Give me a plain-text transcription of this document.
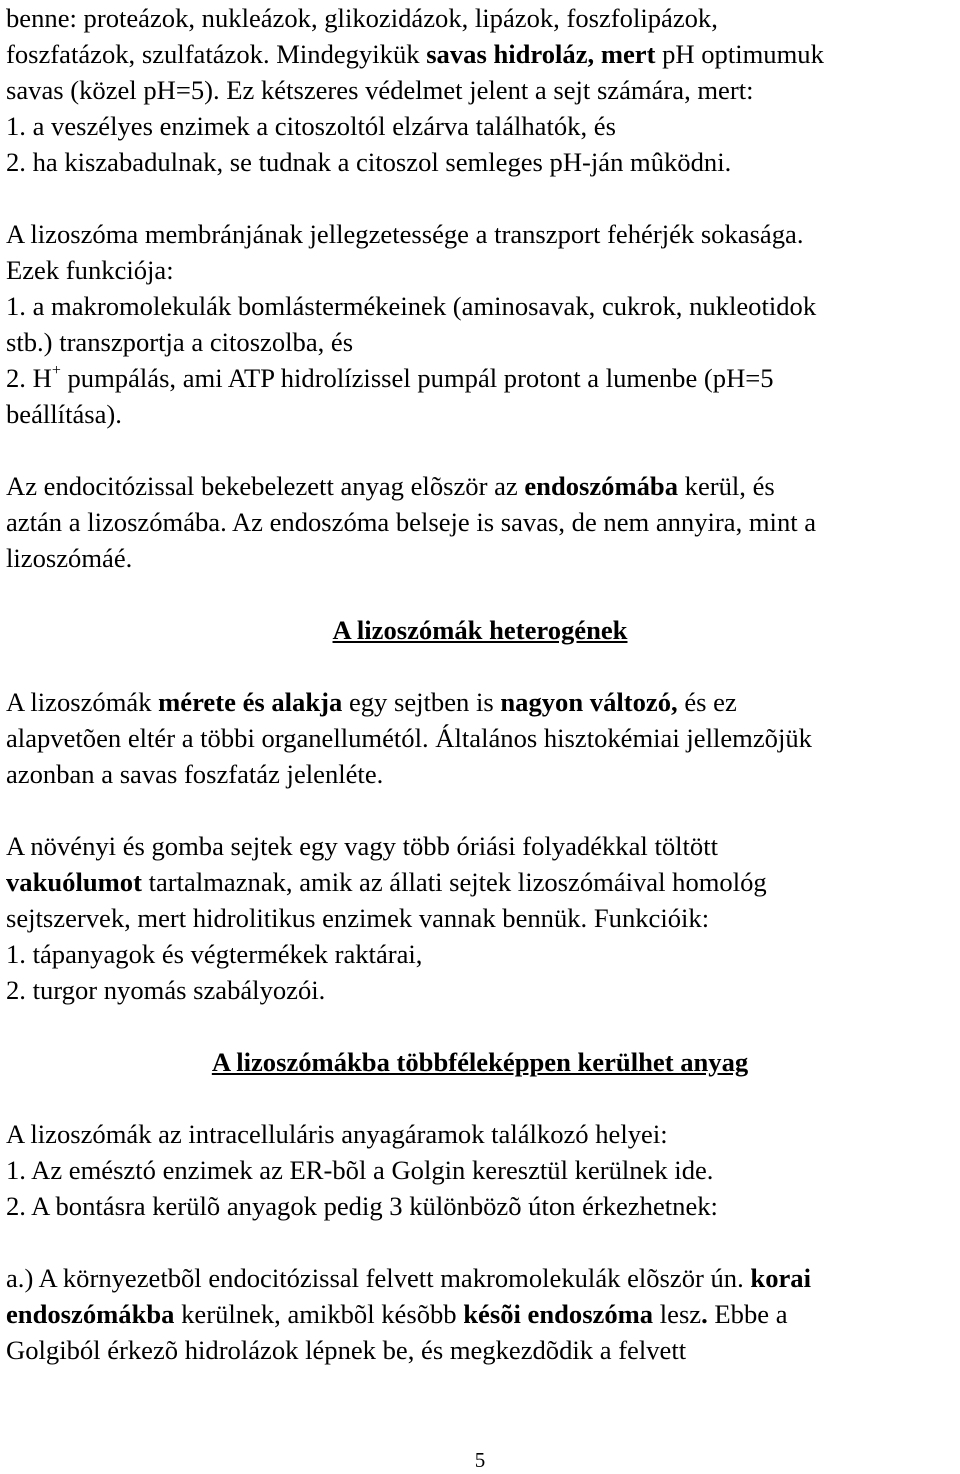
benne: proteázok, nukleázok, glikozidázok, lipázok, foszfolipázok,
foszfatázok, szulfatázok. Mindegyikük savas hidroláz, mert pH optimumuk
savas (közel pH=5). Ez kétszeres védelmet jelent a sejt számára, mert:
1. a veszélyes enzimek a citoszoltól elzárva találhatók, és
2. ha kiszabadulnak, se tudnak a citoszol semleges pH-ján mûködni.
A lizoszóma membránjának jellegzetessége a transzport fehérjék sokasága.
Ezek funkciója:
1. a makromolekulák bomlástermékeinek (aminosavak, cukrok, nukleotidok
stb.) transzportja a citoszolba, és
2. H+ pumpálás, ami ATP hidrolízissel pumpál protont a lumenbe (pH=5
beállítása).
Az endocitózissal bekebelezett anyag elõször az endoszómába kerül, és
aztán a lizoszómába. Az endoszóma belseje is savas, de nem annyira, mint a
lizoszómáé.
A lizoszómák heterogének
A lizoszómák mérete és alakja egy sejtben is nagyon változó, és ez
alapvetõen eltér a többi organellumétól. Általános hisztokémiai jellemzõjük
azonban a savas foszfatáz jelenléte.
A növényi és gomba sejtek egy vagy több óriási folyadékkal töltött
vakuólumot tartalmaznak, amik az állati sejtek lizoszómáival homológ
sejtszervek, mert hidrolitikus enzimek vannak bennük. Funkcióik:
1. tápanyagok és végtermékek raktárai,
2. turgor nyomás szabályozói.
A lizoszómákba többféleképpen kerülhet anyag
A lizoszómák az intracelluláris anyagáramok találkozó helyei:
1. Az emésztó enzimek az ER-bõl a Golgin keresztül kerülnek ide.
2. A bontásra kerülõ anyagok pedig 3 különbözõ úton érkezhetnek:
a.) A környezetbõl endocitózissal felvett makromolekulák elõször ún. korai
endoszómákba kerülnek, amikbõl késõbb késõi endoszóma lesz. Ebbe a
Golgiból érkezõ hidrolázok lépnek be, és megkezdõdik a felvett
5
